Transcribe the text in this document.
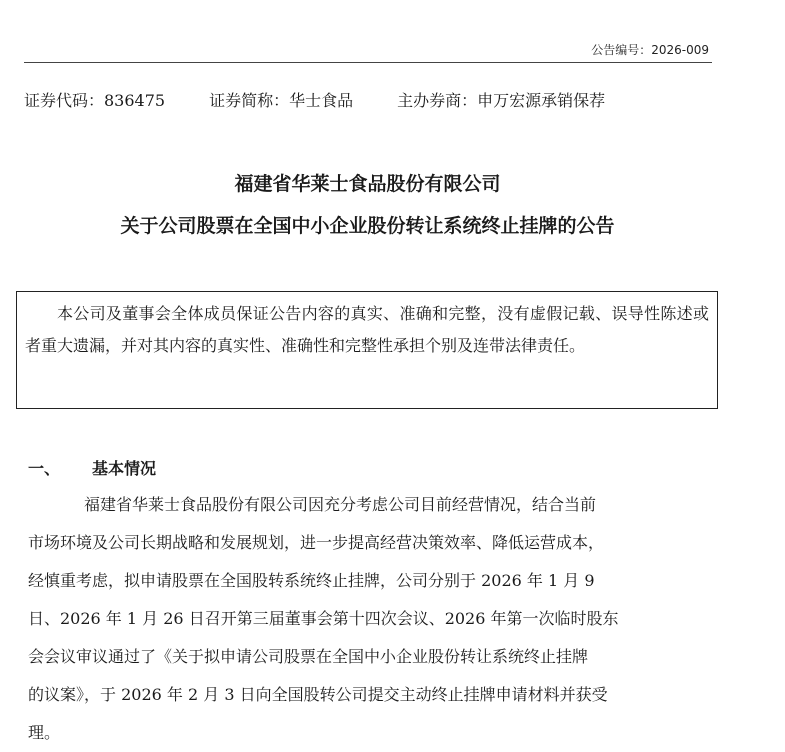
公告编号：2026-009
证券代码：836475	证券简称：华士食品	主办券商：申万宏源承销保荐
福建省华莱士食品股份有限公司
关于公司股票在全国中小企业股份转让系统终止挂牌的公告
本公司及董事会全体成员保证公告内容的真实、准确和完整，没有虚假记载、误导性陈述或者重大遗漏，并对其内容的真实性、准确性和完整性承担个别及连带法律责任。
一、 基本情况
福建省华莱士食品股份有限公司因充分考虑公司目前经营情况，结合当前
市场环境及公司长期战略和发展规划，进一步提高经营决策效率、降低运营成本，
经慎重考虑，拟申请股票在全国股转系统终止挂牌，公司分别于 2026 年 1 月 9
日、2026 年 1 月 26 日召开第三届董事会第十四次会议、2026 年第一次临时股东
会会议审议通过了《关于拟申请公司股票在全国中小企业股份转让系统终止挂牌
的议案》，于 2026 年 2 月 3 日向全国股转公司提交主动终止挂牌申请材料并获受
理。
